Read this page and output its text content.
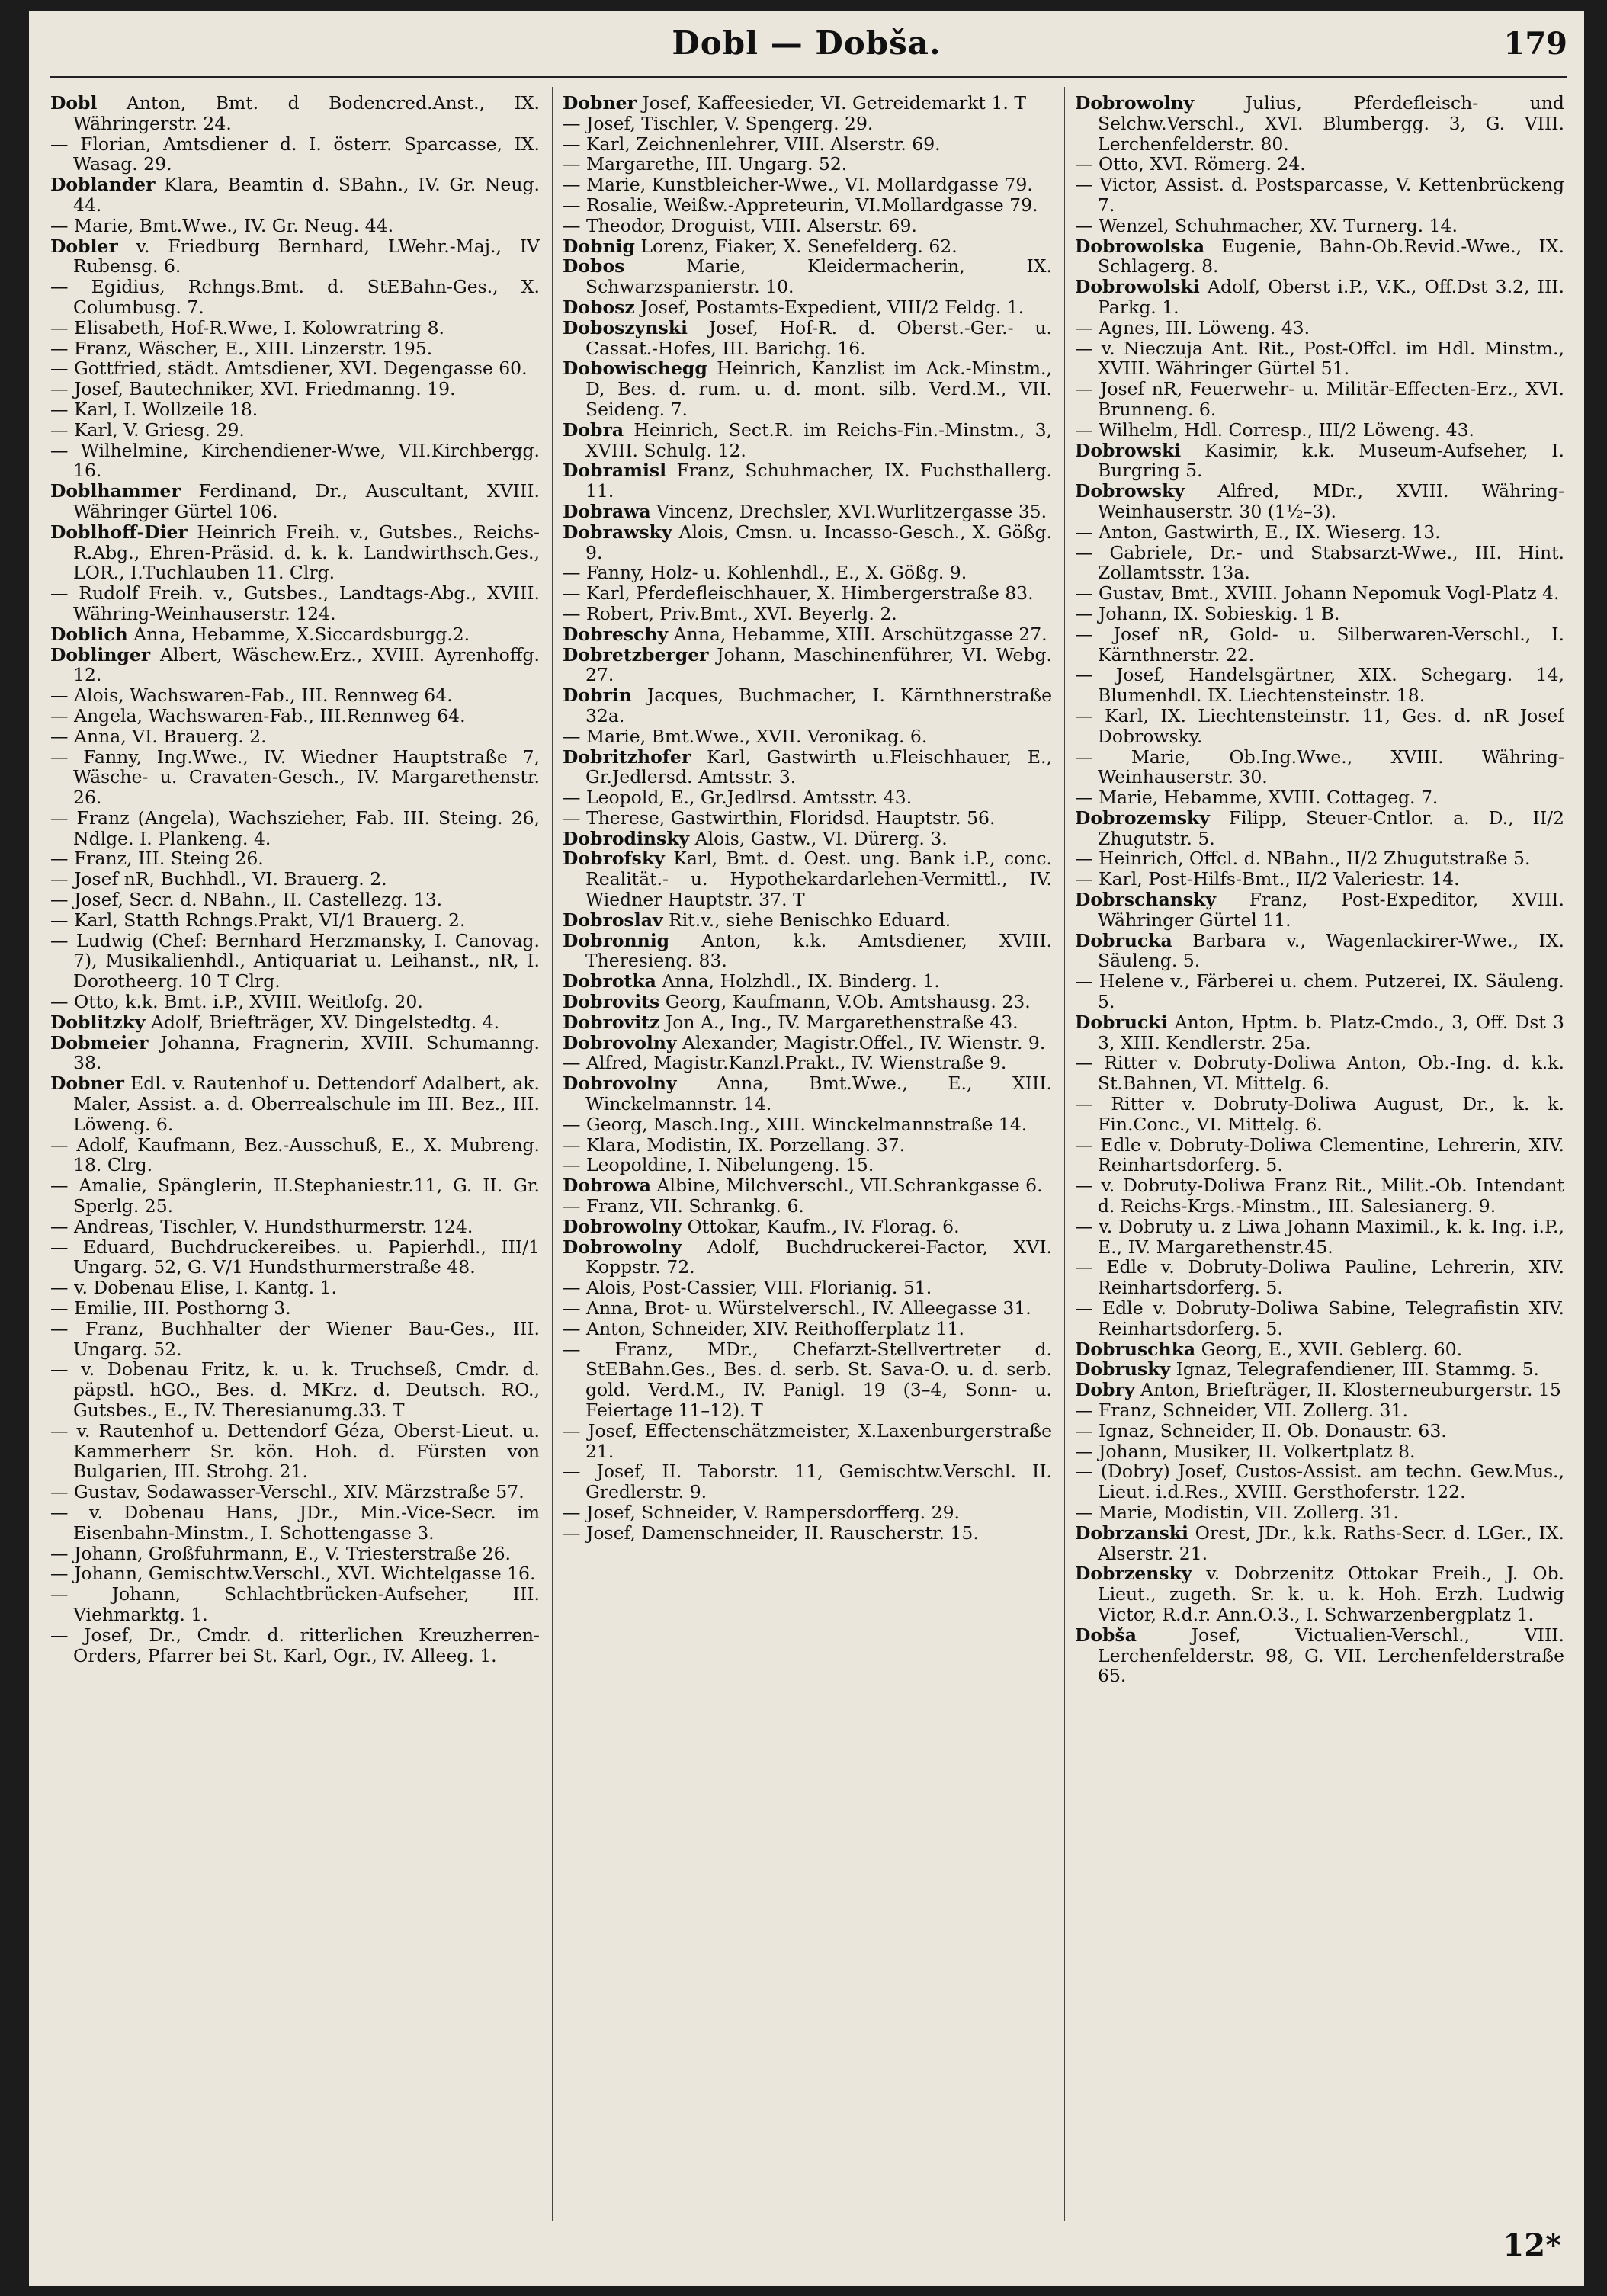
Dobl — Dobša.	179

Dobl Anton, Bmt. d Bodencred.Anst., IX. Währingerstr. 24.

— Florian, Amtsdiener d. I. österr. Sparcasse, IX. Wasag. 29.

Doblander Klara, Beamtin d. SBahn., IV. Gr. Neug. 44.

— Marie, Bmt.Wwe., IV. Gr. Neug. 44.

Dobler v. Friedburg Bernhard, LWehr.-Maj., IV Rubensg. 6.

— Egidius, Rchngs.Bmt. d. StEBahn-Ges., X. Columbusg. 7.

— Elisabeth, Hof-R.Wwe, I. Kolowratring 8.

— Franz, Wäscher, E., XIII. Linzerstr. 195.

— Gottfried, städt. Amtsdiener, XVI. Degengasse 60.

— Josef, Bautechniker, XVI. Friedmanng. 19.

— Karl, I. Wollzeile 18.

— Karl, V. Griesg. 29.

— Wilhelmine, Kirchendiener-Wwe, VII.Kirchbergg. 16.

Doblhammer Ferdinand, Dr., Auscultant, XVIII. Währinger Gürtel 106.

Doblhoff-Dier Heinrich Freih. v., Gutsbes., Reichs-R.Abg., Ehren-Präsid. d. k. k. Landwirthsch.Ges., LOR., I.Tuchlauben 11. Clrg.

— Rudolf Freih. v., Gutsbes., Landtags-Abg., XVIII. Währing-Weinhauserstr. 124.

Doblich Anna, Hebamme, X.Siccardsburgg.2.

Doblinger Albert, Wäschew.Erz., XVIII. Ayrenhoffg. 12.

— Alois, Wachswaren-Fab., III. Rennweg 64.

— Angela, Wachswaren-Fab., III.Rennweg 64.

— Anna, VI. Brauerg. 2.

— Fanny, Ing.Wwe., IV. Wiedner Hauptstraße 7, Wäsche- u. Cravaten-Gesch., IV. Margarethenstr. 26.

— Franz (Angela), Wachszieher, Fab. III. Steing. 26, Ndlge. I. Plankeng. 4.

— Franz, III. Steing 26.

— Josef nR, Buchhdl., VI. Brauerg. 2.

— Josef, Secr. d. NBahn., II. Castellezg. 13.

— Karl, Statth Rchngs.Prakt, VI/1 Brauerg. 2.

— Ludwig (Chef: Bernhard Herzmansky, I. Canovag. 7), Musikalienhdl., Antiquariat u. Leihanst., nR, I. Dorotheerg. 10 T Clrg.

— Otto, k.k. Bmt. i.P., XVIII. Weitlofg. 20.

Doblitzky Adolf, Briefträger, XV. Dingelstedtg. 4.

Dobmeier Johanna, Fragnerin, XVIII. Schumanng. 38.

Dobner Edl. v. Rautenhof u. Dettendorf Adalbert, ak. Maler, Assist. a. d. Oberrealschule im III. Bez., III. Löweng. 6.

— Adolf, Kaufmann, Bez.-Ausschuß, E., X. Mubreng. 18. Clrg.

— Amalie, Spänglerin, II.Stephaniestr.11, G. II. Gr. Sperlg. 25.

— Andreas, Tischler, V. Hundsthurmerstr. 124.

— Eduard, Buchdruckereibes. u. Papierhdl., III/1 Ungarg. 52, G. V/1 Hundsthurmerstraße 48.

— v. Dobenau Elise, I. Kantg. 1.

— Emilie, III. Posthorng 3.

— Franz, Buchhalter der Wiener Bau-Ges., III. Ungarg. 52.

— v. Dobenau Fritz, k. u. k. Truchseß, Cmdr. d. päpstl. hGO., Bes. d. MKrz. d. Deutsch. RO., Gutsbes., E., IV. Theresianumg.33. T

— v. Rautenhof u. Dettendorf Géza, Oberst-Lieut. u. Kammerherr Sr. kön. Hoh. d. Fürsten von Bulgarien, III. Strohg. 21.

— Gustav, Sodawasser-Verschl., XIV. Märzstraße 57.

— v. Dobenau Hans, JDr., Min.-Vice-Secr. im Eisenbahn-Minstm., I. Schottengasse 3.

— Johann, Großfuhrmann, E., V. Triesterstraße 26.

— Johann, Gemischtw.Verschl., XVI. Wichtelgasse 16.

— Johann, Schlachtbrücken-Aufseher, III. Viehmarktg. 1.

— Josef, Dr., Cmdr. d. ritterlichen Kreuzherren-Orders, Pfarrer bei St. Karl, Ogr., IV. Alleeg. 1.

Dobner Josef, Kaffeesieder, VI. Getreidemarkt 1. T

— Josef, Tischler, V. Spengerg. 29.

— Karl, Zeichnenlehrer, VIII. Alserstr. 69.

— Margarethe, III. Ungarg. 52.

— Marie, Kunstbleicher-Wwe., VI. Mollardgasse 79.

— Rosalie, Weißw.-Appreteurin, VI.Mollardgasse 79.

— Theodor, Droguist, VIII. Alserstr. 69.

Dobnig Lorenz, Fiaker, X. Senefelderg. 62.

Dobos	Marie, Kleidermacherin, IX. Schwarzspanierstr. 10.

Dobosz Josef, Postamts-Expedient, VIII/2 Feldg. 1.

Doboszynski Josef, Hof-R. d. Oberst.-Ger.- u. Cassat.-Hofes, III. Barichg. 16.

Dobowischegg Heinrich, Kanzlist im Ack.-Minstm., D, Bes. d. rum. u. d. mont. silb. Verd.M., VII. Seideng. 7.

Dobra Heinrich, Sect.R. im Reichs-Fin.-Minstm., 3, XVIII. Schulg. 12.

Dobramisl Franz, Schuhmacher, IX. Fuchsthallerg. 11.

Dobrawa Vincenz, Drechsler, XVI.Wurlitzergasse 35.

Dobrawsky Alois, Cmsn. u. Incasso-Gesch., X. Gößg. 9.

— Fanny, Holz- u. Kohlenhdl., E., X. Gößg. 9.

— Karl, Pferdefleischhauer, X. Himbergerstraße 83.

— Robert, Priv.Bmt., XVI. Beyerlg. 2.

Dobreschy Anna, Hebamme, XIII. Arschützgasse 27.

Dobretzberger Johann, Maschinenführer, VI. Webg. 27.

Dobrin Jacques, Buchmacher, I. Kärnthnerstraße 32a.

— Marie, Bmt.Wwe., XVII. Veronikag. 6.

Dobritzhofer Karl, Gastwirth u.Fleischhauer, E., Gr.Jedlersd. Amtsstr. 3.

— Leopold, E., Gr.Jedlrsd. Amtsstr. 43.

— Therese, Gastwirthin, Floridsd. Hauptstr. 56.

Dobrodinsky Alois, Gastw., VI. Dürerg. 3.

Dobrofsky Karl, Bmt. d. Oest. ung. Bank i.P., conc. Realität.- u. Hypothekardarlehen-Vermittl., IV. Wiedner Hauptstr. 37. T

Dobroslav Rit.v., siehe Benischko Eduard.

Dobronnig Anton, k.k. Amtsdiener, XVIII. Theresieng. 83.

Dobrotka Anna, Holzhdl., IX. Binderg. 1.

Dobrovits Georg, Kaufmann, V.Ob. Amtshausg. 23.

Dobrovitz Jon A., Ing., IV. Margarethenstraße 43.

Dobrovolny Alexander, Magistr.Offel., IV. Wienstr. 9.

— Alfred, Magistr.Kanzl.Prakt., IV. Wienstraße 9.

Dobrovolny Anna, Bmt.Wwe., E., XIII. Winckelmannstr. 14.

— Georg, Masch.Ing., XIII. Winckelmannstraße 14.

— Klara, Modistin, IX. Porzellang. 37.

— Leopoldine, I. Nibelungeng. 15.

Dobrowa Albine, Milchverschl., VII.Schrankgasse 6.

— Franz, VII. Schrankg. 6.

Dobrowolny Ottokar, Kaufm., IV. Florag. 6.

Dobrowolny Adolf, Buchdruckerei-Factor, XVI. Koppstr. 72.

— Alois, Post-Cassier, VIII. Florianig. 51.

— Anna, Brot- u. Würstelverschl., IV. Alleegasse 31.

— Anton, Schneider, XIV. Reithofferplatz 11.

— Franz, MDr., Chefarzt-Stellvertreter d. StEBahn.Ges., Bes. d. serb. St. Sava-O. u. d. serb. gold. Verd.M., IV. Panigl. 19 (3–4, Sonn- u. Feiertage 11–12). T

— Josef, Effectenschätzmeister, X.Laxenburgerstraße 21.

— Josef, II. Taborstr. 11, Gemischtw.Verschl. II. Gredlerstr. 9.

— Josef, Schneider, V. Rampersdorfferg. 29.

— Josef, Damenschneider, II. Rauscherstr. 15.

Dobrowolny	Julius, Pferdefleisch- und Selchw.Verschl., XVI. Blumbergg. 3, G. VIII. Lerchenfelderstr. 80.

— Otto, XVI. Römerg. 24.

— Victor, Assist. d. Postsparcasse, V. Kettenbrückeng 7.

— Wenzel, Schuhmacher, XV. Turnerg. 14.

Dobrowolska Eugenie, Bahn-Ob.Revid.-Wwe., IX. Schlagerg. 8.

Dobrowolski Adolf, Oberst i.P., V.K., Off.Dst 3.2, III. Parkg. 1.

— Agnes, III. Löweng. 43.

— v. Nieczuja Ant. Rit., Post-Offcl. im Hdl. Minstm., XVIII. Währinger Gürtel 51.

— Josef nR, Feuerwehr- u. Militär-Effecten-Erz., XVI. Brunneng. 6.

— Wilhelm, Hdl. Corresp., III/2 Löweng. 43.

Dobrowski Kasimir, k.k. Museum-Aufseher, I. Burgring 5.

Dobrowsky Alfred, MDr., XVIII. Währing-Weinhauserstr. 30 (1½–3).

— Anton, Gastwirth, E., IX. Wieserg. 13.

— Gabriele, Dr.- und Stabsarzt-Wwe., III. Hint. Zollamtsstr. 13a.

— Gustav, Bmt., XVIII. Johann Nepomuk Vogl-Platz 4.

— Johann, IX. Sobieskig. 1 B.

— Josef nR, Gold- u. Silberwaren-Verschl., I. Kärnthnerstr. 22.

— Josef, Handelsgärtner, XIX. Schegarg. 14, Blumenhdl. IX. Liechtensteinstr. 18.

— Karl, IX. Liechtensteinstr. 11, Ges. d. nR Josef Dobrowsky.

— Marie, Ob.Ing.Wwe., XVIII. Währing-Weinhauserstr. 30.

— Marie, Hebamme, XVIII. Cottageg. 7.

Dobrozemsky Filipp, Steuer-Cntlor. a. D., II/2 Zhugutstr. 5.

— Heinrich, Offcl. d. NBahn., II/2 Zhugutstraße 5.

— Karl, Post-Hilfs-Bmt., II/2 Valeriestr. 14.

Dobrschansky Franz, Post-Expeditor, XVIII. Währinger Gürtel 11.

Dobrucka Barbara v., Wagenlackirer-Wwe., IX. Säuleng. 5.

— Helene v., Färberei u. chem. Putzerei, IX. Säuleng. 5.

Dobrucki Anton, Hptm. b. Platz-Cmdo., 3, Off. Dst 3 3, XIII. Kendlerstr. 25a.

— Ritter v. Dobruty-Doliwa Anton, Ob.-Ing. d. k.k. St.Bahnen, VI. Mittelg. 6.

— Ritter v. Dobruty-Doliwa August, Dr., k. k. Fin.Conc., VI. Mittelg. 6.

— Edle v. Dobruty-Doliwa Clementine, Lehrerin, XIV. Reinhartsdorferg. 5.

— v. Dobruty-Doliwa Franz Rit., Milit.-Ob. Intendant d. Reichs-Krgs.-Minstm., III. Salesianerg. 9.

— v. Dobruty u. z Liwa Johann Maximil., k. k. Ing. i.P., E., IV. Margarethenstr.45.

— Edle v. Dobruty-Doliwa Pauline, Lehrerin, XIV. Reinhartsdorferg. 5.

— Edle v. Dobruty-Doliwa Sabine, Telegrafistin XIV. Reinhartsdorferg. 5.

Dobruschka Georg, E., XVII. Geblerg. 60.

Dobrusky Ignaz, Telegrafendiener, III. Stammg. 5.

Dobry Anton, Briefträger, II. Klosterneuburgerstr. 15

— Franz, Schneider, VII. Zollerg. 31.

— Ignaz, Schneider, II. Ob. Donaustr. 63.

— Johann, Musiker, II. Volkertplatz 8.

— (Dobry) Josef, Custos-Assist. am techn. Gew.Mus., Lieut. i.d.Res., XVIII. Gersthoferstr. 122.

— Marie, Modistin, VII. Zollerg. 31.

Dobrzanski Orest, JDr., k.k. Raths-Secr. d. LGer., IX. Alserstr. 21.

Dobrzensky v. Dobrzenitz Ottokar Freih., J. Ob. Lieut., zugeth. Sr. k. u. k. Hoh. Erzh. Ludwig Victor, R.d.r. Ann.O.3., I. Schwarzenbergplatz 1.

Dobša	Josef, Victualien-Verschl., VIII. Lerchenfelderstr. 98, G. VII. Lerchenfelderstraße 65.

12*
